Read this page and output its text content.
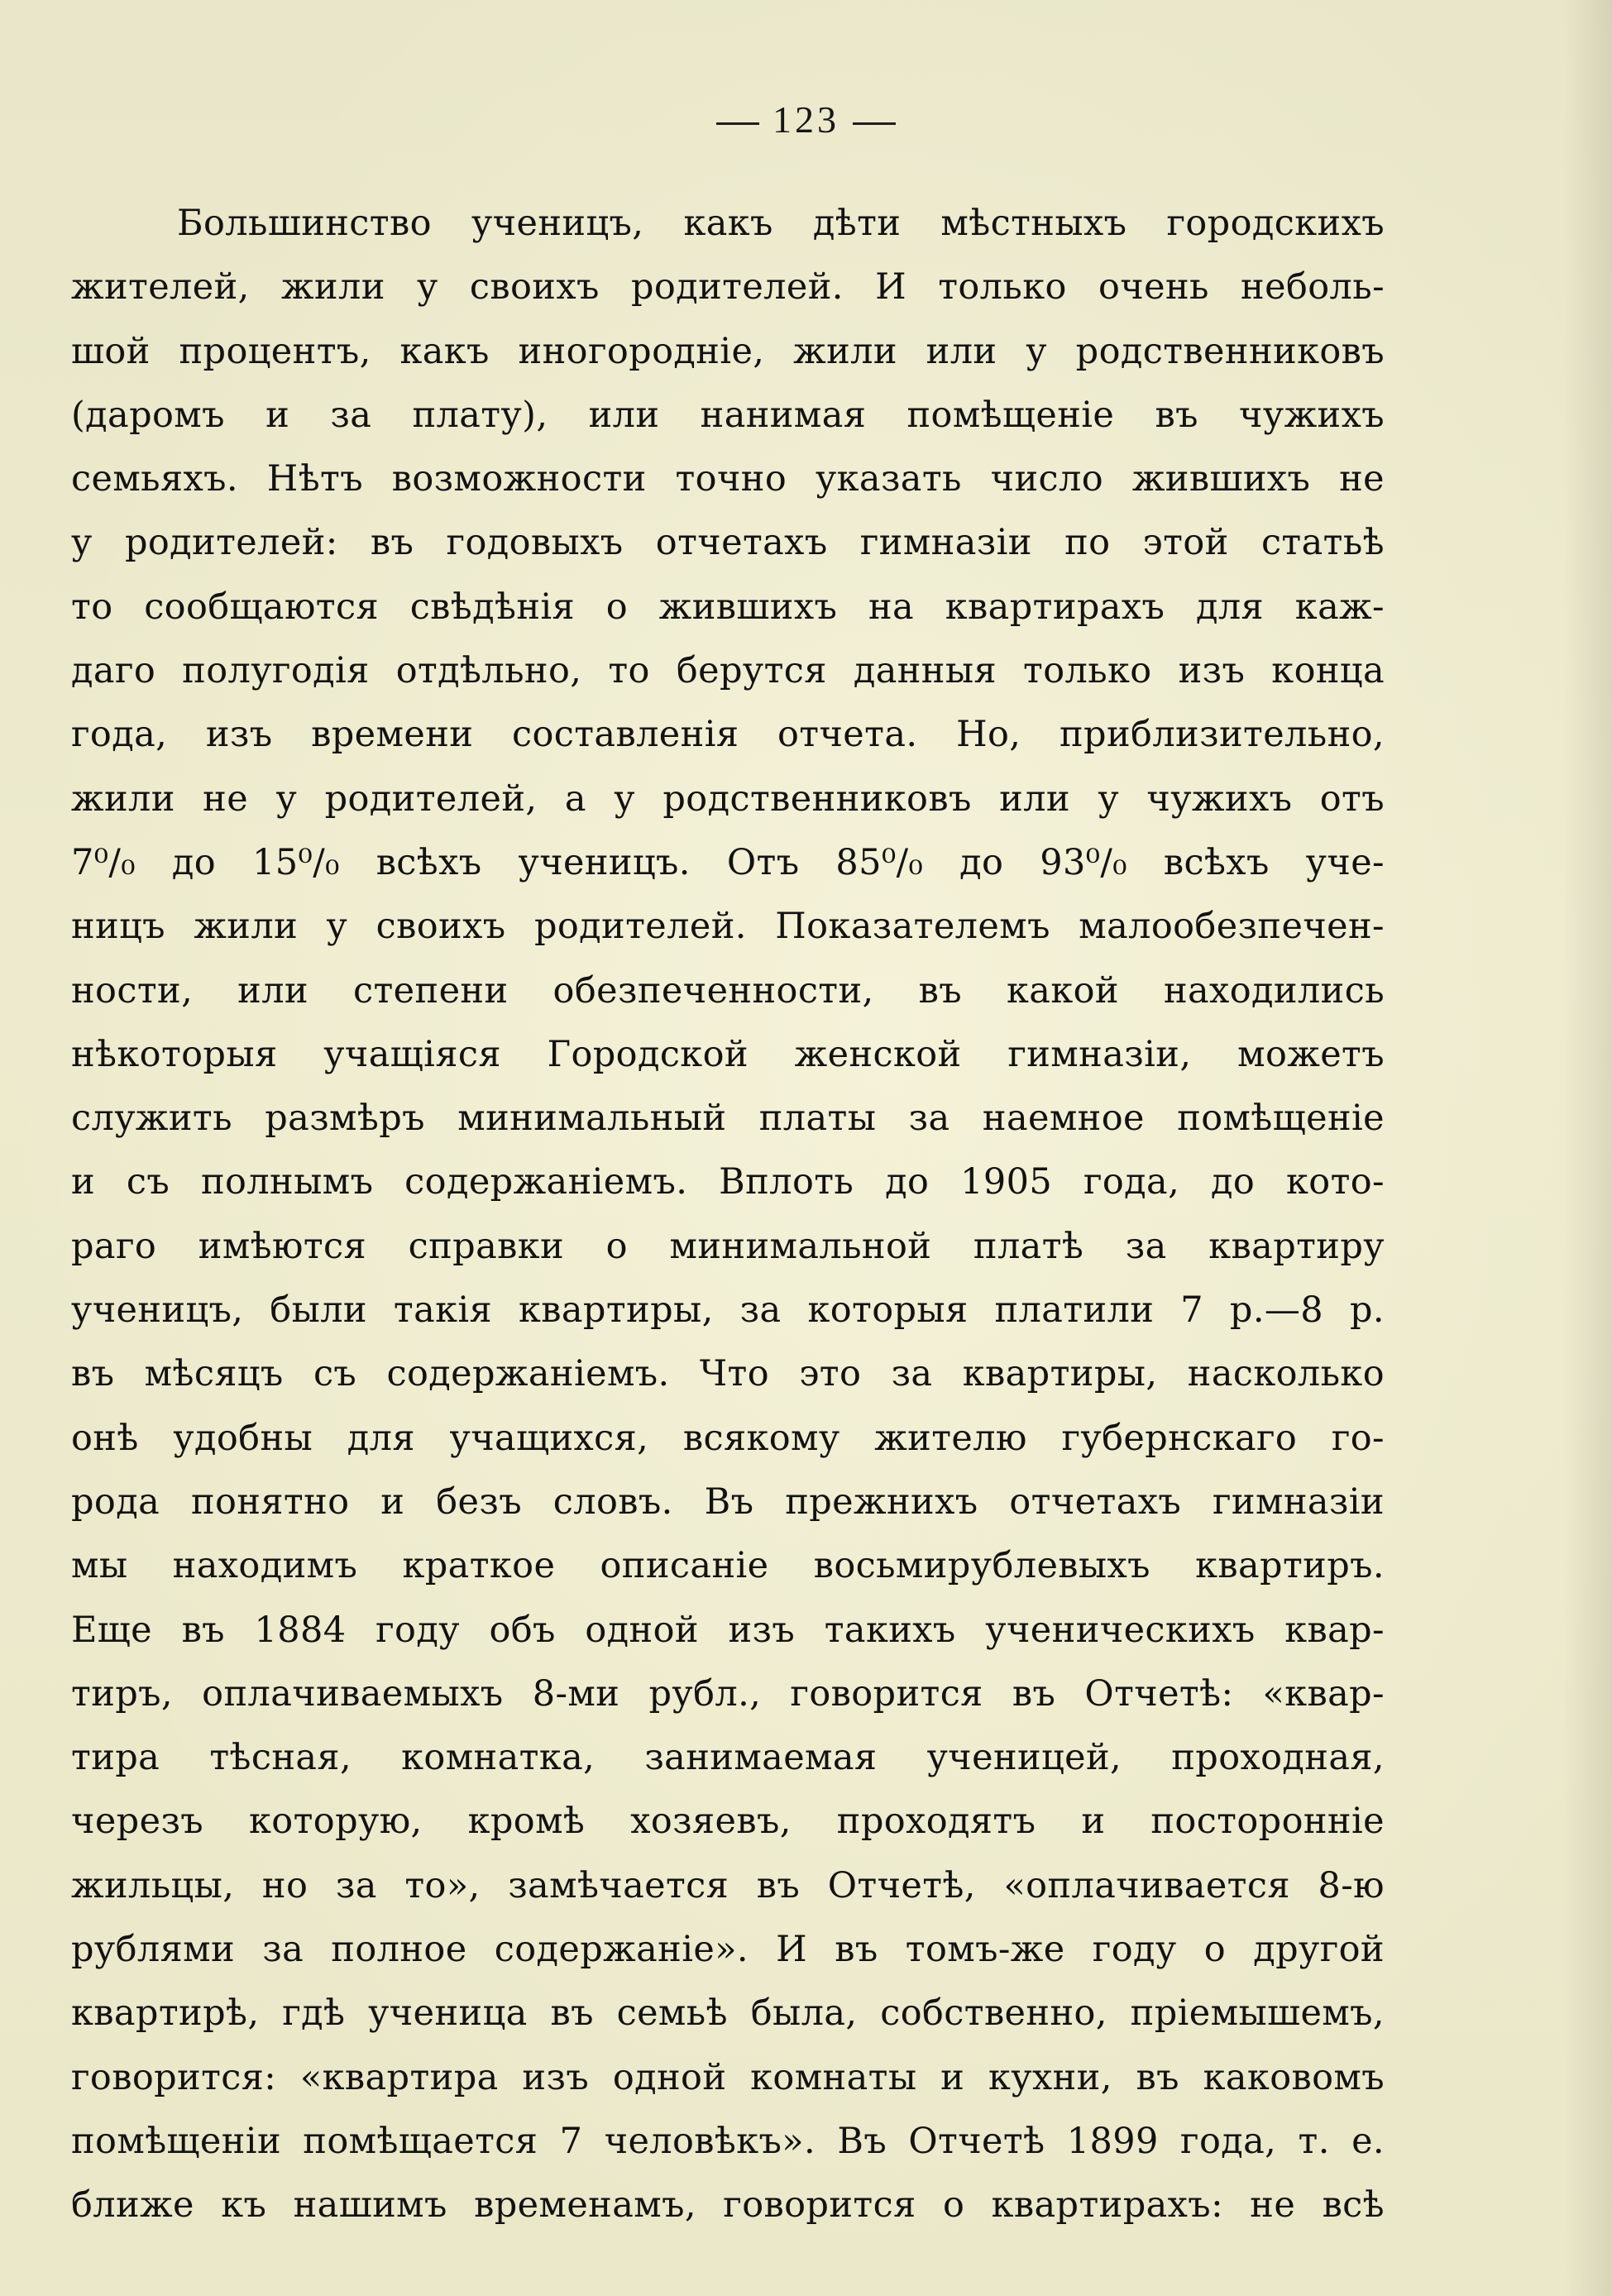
123
Большинство ученицъ, какъ дѣти мѣстныхъ городскихъ
жителей, жили у своихъ родителей. И только очень неболь-
шой процентъ, какъ иногородніе, жили или у родственниковъ
(даромъ и за плату), или нанимая помѣщеніе въ чужихъ
семьяхъ. Нѣтъ возможности точно указать число жившихъ не
у родителей: въ годовыхъ отчетахъ гимназіи по этой статьѣ
то сообщаются свѣдѣнія о жившихъ на квартирахъ для каж-
даго полугодія отдѣльно, то берутся данныя только изъ конца
года, изъ времени составленія отчета. Но, приблизительно,
жили не у родителей, а у родственниковъ или у чужихъ отъ
7⁰/₀ до 15⁰/₀ всѣхъ ученицъ. Отъ 85⁰/₀ до 93⁰/₀ всѣхъ уче-
ницъ жили у своихъ родителей. Показателемъ малообезпечен-
ности, или степени обезпеченности, въ какой находились
нѣкоторыя учащіяся Городской женской гимназіи, можетъ
служить размѣръ минимальный платы за наемное помѣщеніе
и съ полнымъ содержаніемъ. Вплоть до 1905 года, до кото-
раго имѣются справки о минимальной платѣ за квартиру
ученицъ, были такія квартиры, за которыя платили 7 р.—8 р.
въ мѣсяцъ съ содержаніемъ. Что это за квартиры, насколько
онѣ удобны для учащихся, всякому жителю губернскаго го-
рода понятно и безъ словъ. Въ прежнихъ отчетахъ гимназіи
мы находимъ краткое описаніе восьмирублевыхъ квартиръ.
Еще въ 1884 году объ одной изъ такихъ ученическихъ квар-
тиръ, оплачиваемыхъ 8-ми рубл., говорится въ Отчетѣ: «квар-
тира тѣсная, комнатка, занимаемая ученицей, проходная,
черезъ которую, кромѣ хозяевъ, проходятъ и посторонніе
жильцы, но за то», замѣчается въ Отчетѣ, «оплачивается 8-ю
рублями за полное содержаніе». И въ томъ-же году о другой
квартирѣ, гдѣ ученица въ семьѣ была, собственно, пріемышемъ,
говорится: «квартира изъ одной комнаты и кухни, въ каковомъ
помѣщеніи помѣщается 7 человѣкъ». Въ Отчетѣ 1899 года, т. е.
ближе къ нашимъ временамъ, говорится о квартирахъ: не всѣ
